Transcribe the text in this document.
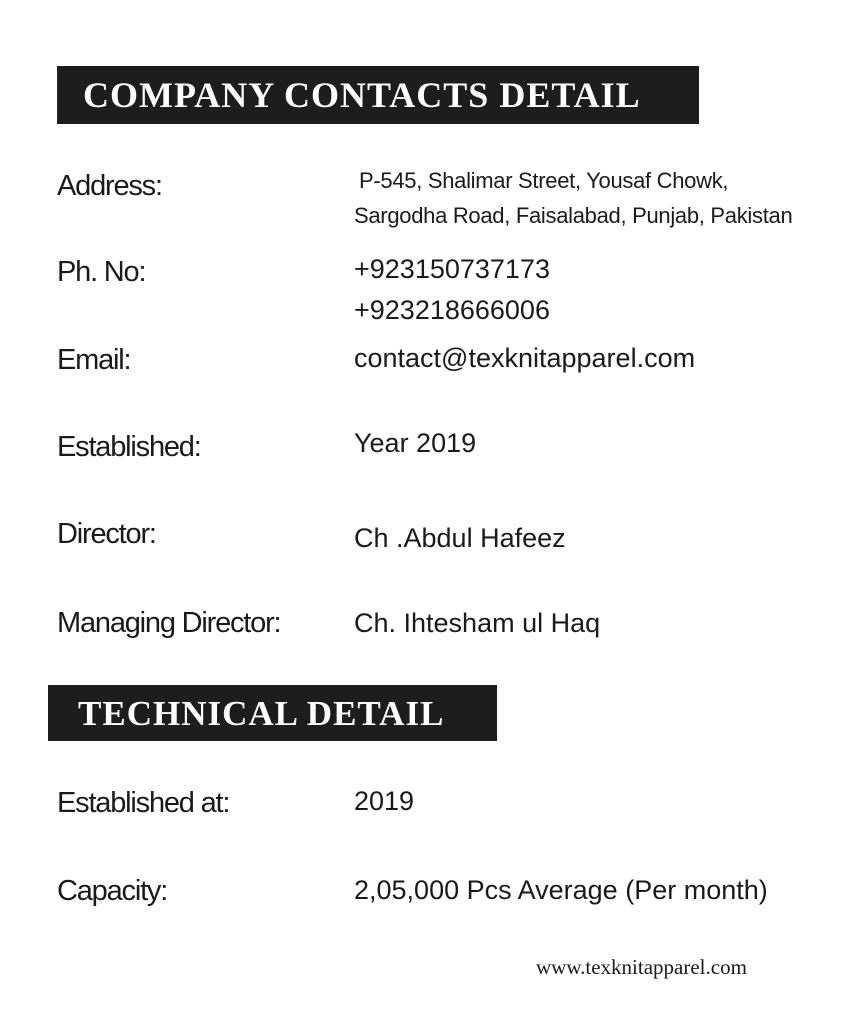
COMPANY CONTACTS DETAIL
Address:	P-545, Shalimar Street, Yousaf Chowk,
Sargodha Road, Faisalabad, Punjab, Pakistan
Ph. No:	+923150737173
+923218666006
Email:	contact@texknitapparel.com
Established:	Year 2019
Director:	Ch .Abdul Hafeez
Managing Director:	Ch. Ihtesham ul Haq
TECHNICAL DETAIL
Established at:	2019
Capacity:	2,05,000 Pcs Average (Per month)
www.texknitapparel.com
